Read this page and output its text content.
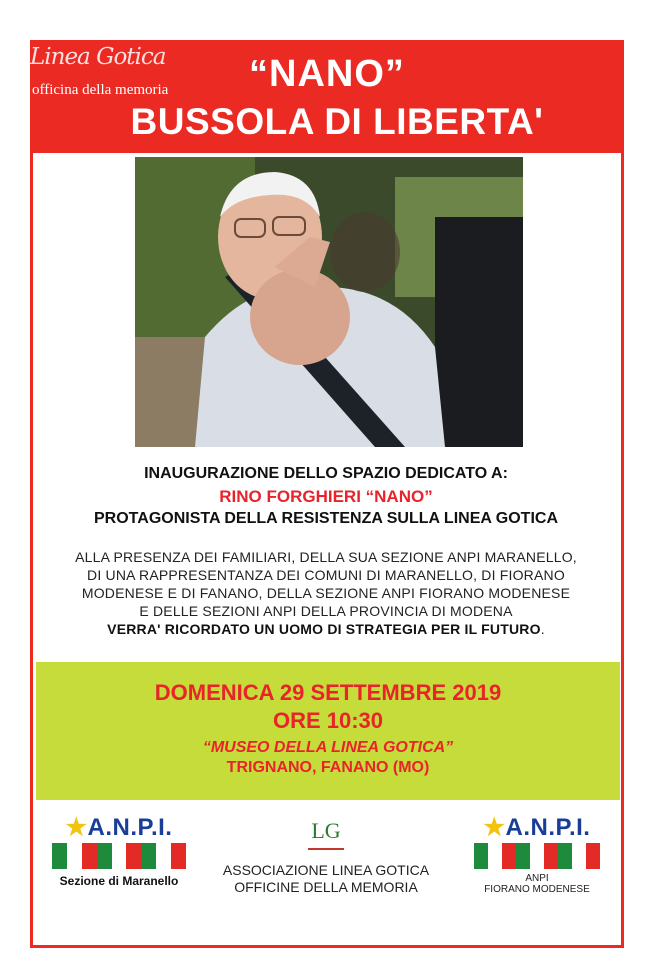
“NANO”
BUSSOLA DI LIBERTA'
Linea Gotica
officina della memoria
INAUGURAZIONE DELLO SPAZIO DEDICATO A:
RINO FORGHIERI “NANO”
PROTAGONISTA DELLA RESISTENZA SULLA LINEA GOTICA
ALLA PRESENZA DEI FAMILIARI, DELLA SUA SEZIONE ANPI MARANELLO,
DI UNA RAPPRESENTANZA DEI COMUNI DI MARANELLO, DI FIORANO
MODENESE E DI FANANO, DELLA SEZIONE ANPI FIORANO MODENESE
E DELLE SEZIONI ANPI DELLA PROVINCIA DI MODENA
VERRA' RICORDATO UN UOMO DI STRATEGIA PER IL FUTURO.
DOMENICA 29 SETTEMBRE 2019
ORE 10:30
“MUSEO DELLA LINEA GOTICA”
TRIGNANO, FANANO (MO)
★A.N.P.I.
Sezione di Maranello
LG
ASSOCIAZIONE LINEA GOTICA
OFFICINE DELLA MEMORIA
★A.N.P.I.
ANPI
FIORANO MODENESE
